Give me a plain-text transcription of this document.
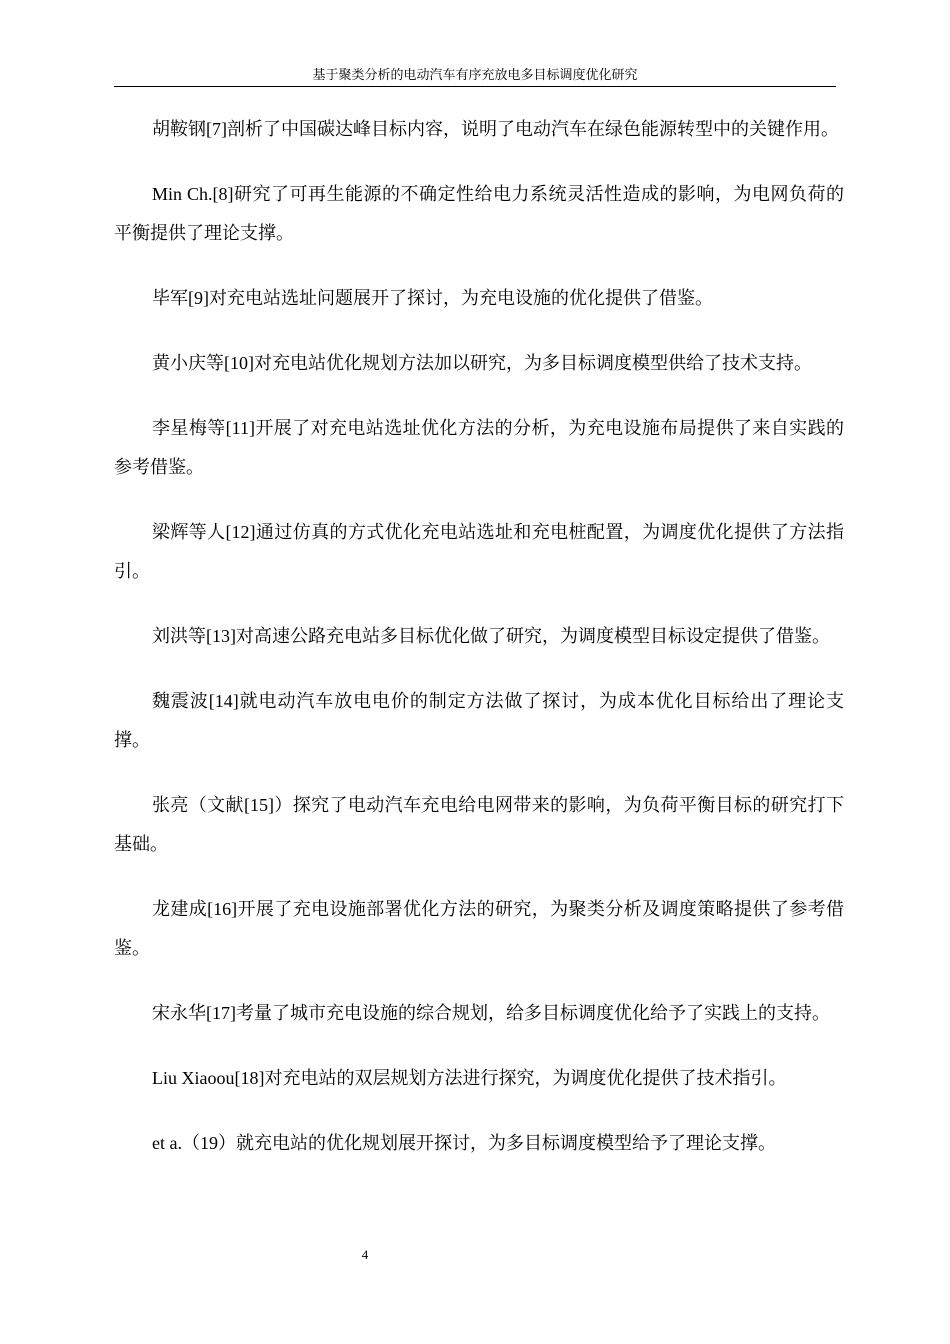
基于聚类分析的电动汽车有序充放电多目标调度优化研究

胡鞍钢[7]剖析了中国碳达峰目标内容，说明了电动汽车在绿色能源转型中的关键作用。

Min Ch.[8]研究了可再生能源的不确定性给电力系统灵活性造成的影响，为电网负荷的平衡提供了理论支撑。

毕军[9]对充电站选址问题展开了探讨，为充电设施的优化提供了借鉴。

黄小庆等[10]对充电站优化规划方法加以研究，为多目标调度模型供给了技术支持。

李星梅等[11]开展了对充电站选址优化方法的分析，为充电设施布局提供了来自实践的参考借鉴。

梁辉等人[12]通过仿真的方式优化充电站选址和充电桩配置，为调度优化提供了方法指引。

刘洪等[13]对高速公路充电站多目标优化做了研究，为调度模型目标设定提供了借鉴。

魏震波[14]就电动汽车放电电价的制定方法做了探讨，为成本优化目标给出了理论支撑。

张亮（文献[15]）探究了电动汽车充电给电网带来的影响，为负荷平衡目标的研究打下基础。

龙建成[16]开展了充电设施部署优化方法的研究，为聚类分析及调度策略提供了参考借鉴。

宋永华[17]考量了城市充电设施的综合规划，给多目标调度优化给予了实践上的支持。

Liu Xiaoou[18]对充电站的双层规划方法进行探究，为调度优化提供了技术指引。

et a.（19）就充电站的优化规划展开探讨，为多目标调度模型给予了理论支撑。

4
